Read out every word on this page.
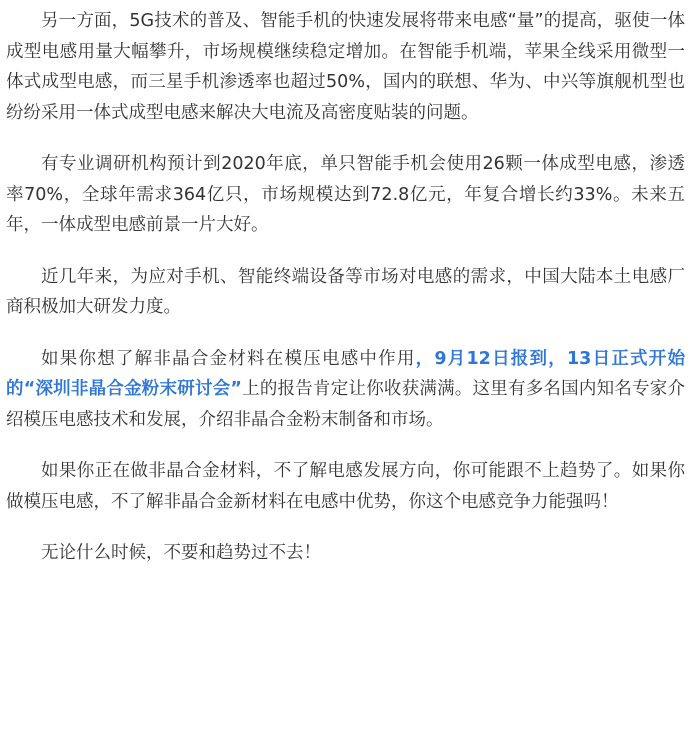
另一方面，5G技术的普及、智能手机的快速发展将带来电感“量”的提高，驱使一体成型电感用量大幅攀升，市场规模继续稳定增加。在智能手机端，苹果全线采用微型一体式成型电感，而三星手机渗透率也超过50%，国内的联想、华为、中兴等旗舰机型也纷纷采用一体式成型电感来解决大电流及高密度贴装的问题。

有专业调研机构预计到2020年底，单只智能手机会使用26颗一体成型电感，渗透率70%，全球年需求364亿只，市场规模达到72.8亿元，年复合增长约33%。未来五年，一体成型电感前景一片大好。

近几年来，为应对手机、智能终端设备等市场对电感的需求，中国大陆本土电感厂商积极加大研发力度。

如果你想了解非晶合金材料在模压电感中作用，9月12日报到，13日正式开始的“深圳非晶合金粉末研讨会”上的报告肯定让你收获满满。这里有多名国内知名专家介绍模压电感技术和发展，介绍非晶合金粉末制备和市场。

如果你正在做非晶合金材料，不了解电感发展方向，你可能跟不上趋势了。如果你做模压电感，不了解非晶合金新材料在电感中优势，你这个电感竞争力能强吗！

无论什么时候，不要和趋势过不去！
